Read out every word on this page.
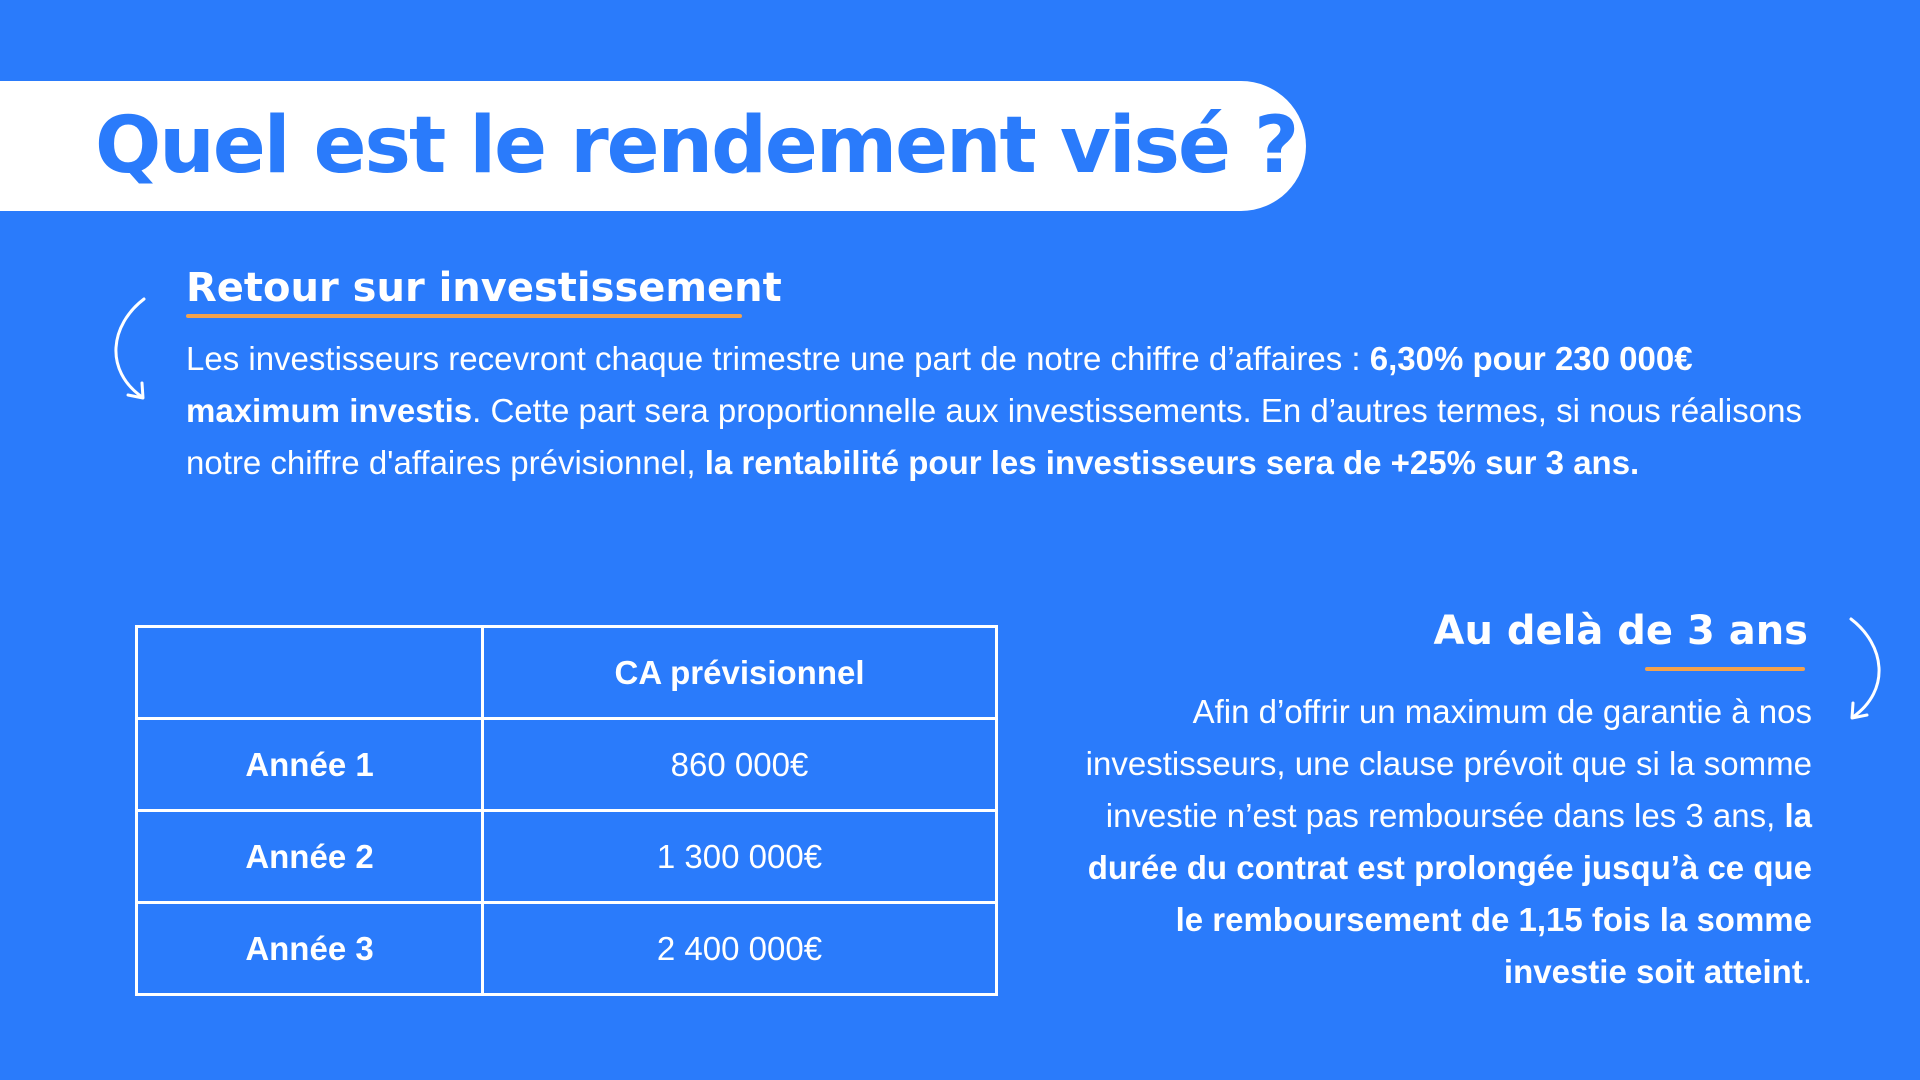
Quel est le rendement visé ?
Retour sur investissement

Les investisseurs recevront chaque trimestre une part de notre chiffre d’affaires : 6,30% pour 230 000€ maximum investis. Cette part sera proportionnelle aux investissements. En d’autres termes, si nous réalisons notre chiffre d'affaires prévisionnel, la rentabilité pour les investisseurs sera de +25% sur 3 ans.

	CA prévisionnel
Année 1	860 000€
Année 2	1 300 000€
Année 3	2 400 000€
Au delà de 3 ans

Afin d’offrir un maximum de garantie à nos investisseurs, une clause prévoit que si la somme investie n’est pas remboursée dans les 3 ans, la durée du contrat est prolongée jusqu’à ce que le remboursement de 1,15 fois la somme investie soit atteint.
